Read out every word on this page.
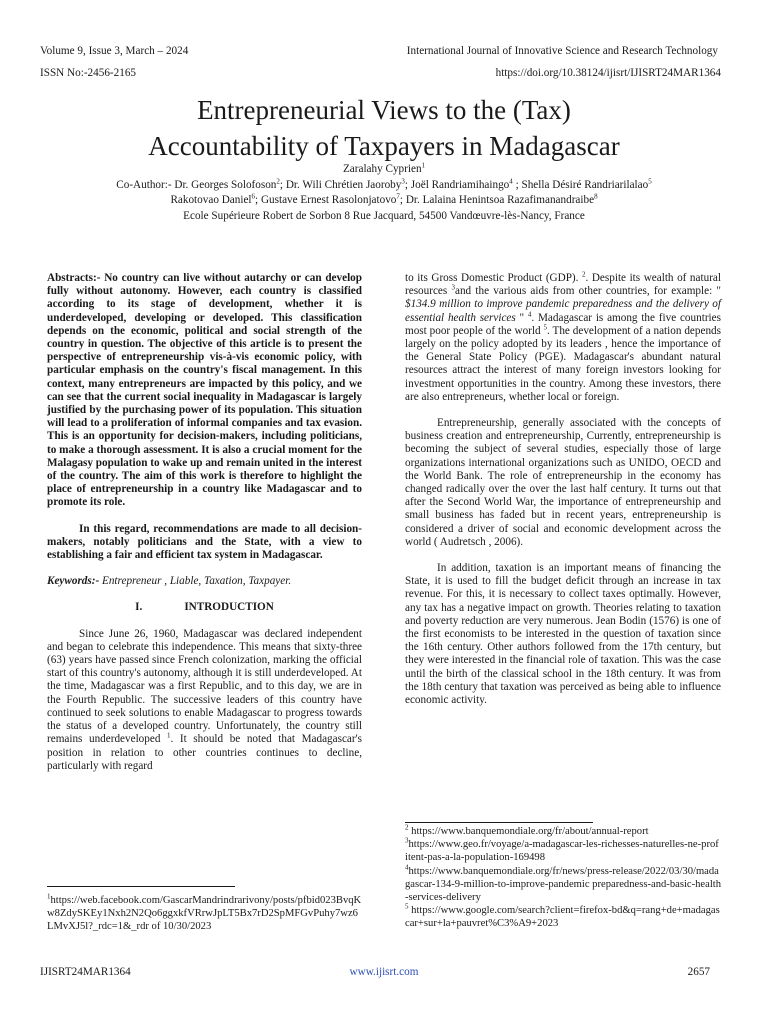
Volume 9, Issue 3, March – 2024	International Journal of Innovative Science and Research Technology
ISSN No:-2456-2165	https://doi.org/10.38124/ijisrt/IJISRT24MAR1364
Entrepreneurial Views to the (Tax)
Accountability of Taxpayers in Madagascar
Zaralahy Cyprien$^1$
Co-Author:- Dr. Georges Solofoson$^2$; Dr. Wili Chrétien Jaoroby$^3$; Joël Randriamihaingo$^4$ ; Shella Désiré Randriarilalao$^5$
Rakotovao Daniel$^6$; Gustave Ernest Rasolonjatovo$^7$; Dr. Lalaina Henintsoa Razafimanandraibe$^8$
Ecole Supérieure Robert de Sorbon 8 Rue Jacquard, 54500 Vandœuvre-lès-Nancy, France

Abstracts:- No country can live without autarchy or can develop fully without autonomy. However, each country is classified according to its stage of development, whether it is underdeveloped, developing or developed. This classification depends on the economic, political and social strength of the country in question. The objective of this article is to present the perspective of entrepreneurship vis-à-vis economic policy, with particular emphasis on the country's fiscal management. In this context, many entrepreneurs are impacted by this policy, and we can see that the current social inequality in Madagascar is largely justified by the purchasing power of its population. This situation will lead to a proliferation of informal companies and tax evasion. This is an opportunity for decision-makers, including politicians, to make a thorough assessment. It is also a crucial moment for the Malagasy population to wake up and remain united in the interest of the country. The aim of this work is therefore to highlight the place of entrepreneurship in a country like Madagascar and to promote its role.

In this regard, recommendations are made to all decision-makers, notably politicians and the State, with a view to establishing a fair and efficient tax system in Madagascar.

Keywords:- Entrepreneur , Liable, Taxation, Taxpayer.

I.	INTRODUCTION

Since June 26, 1960, Madagascar was declared independent and began to celebrate this independence. This means that sixty-three (63) years have passed since French colonization, marking the official start of this country's autonomy, although it is still underdeveloped. At the time, Madagascar was a first Republic, and to this day, we are in the Fourth Republic. The successive leaders of this country have continued to seek solutions to enable Madagascar to progress towards the status of a developed country. Unfortunately, the country still remains underdeveloped $^1$. It should be noted that Madagascar's position in relation to other countries continues to decline, particularly with regard

to its Gross Domestic Product (GDP). $^2$. Despite its wealth of natural resources $^3$and the various aids from other countries, for example: " $134.9 million to improve pandemic preparedness and the delivery of essential health services " $^4$. Madagascar is among the five countries most poor people of the world $^5$. The development of a nation depends largely on the policy adopted by its leaders , hence the importance of the General State Policy (PGE). Madagascar's abundant natural resources attract the interest of many foreign investors looking for investment opportunities in the country. Among these investors, there are also entrepreneurs, whether local or foreign.

Entrepreneurship, generally associated with the concepts of business creation and entrepreneurship, Currently, entrepreneurship is becoming the subject of several studies, especially those of large organizations international organizations such as UNIDO, OECD and the World Bank. The role of entrepreneurship in the economy has changed radically over the over the last half century. It turns out that after the Second World War, the importance of entrepreneurship and small business has faded but in recent years, entrepreneurship is considered a driver of social and economic development across the world ( Audretsch , 2006).

In addition, taxation is an important means of financing the State, it is used to fill the budget deficit through an increase in tax revenue. For this, it is necessary to collect taxes optimally. However, any tax has a negative impact on growth. Theories relating to taxation and poverty reduction are very numerous. Jean Bodin (1576) is one of the first economists to be interested in the question of taxation since the 16th century. Other authors followed from the 17th century, but they were interested in the financial role of taxation. This was the case until the birth of the classical school in the 18th century. It was from the 18th century that taxation was perceived as being able to influence economic activity.

$^1$https://web.facebook.com/GascarMandrindrarivony/posts/pfbid023BvqKw8ZdySKEy1Nxh2N2Qo6ggxkfVRrwJpLT5Bx7rD2SpMFGvPuhy7wz6LMvXJ5l?_rdc=1&_rdr of 10/30/2023

$^2$ https://www.banquemondiale.org/fr/about/annual-report

$^3$https://www.geo.fr/voyage/a-madagascar-les-richesses-naturelles-ne-profitent-pas-a-la-population-169498

$^4$https://www.banquemondiale.org/fr/news/press-release/2022/03/30/madagascar-134-9-million-to-improve-pandemic preparedness-and-basic-health-services-delivery

$^5$ https://www.google.com/search?client=firefox-bd&q=rang+de+madagascar+sur+la+pauvret%C3%A9+2023

IJISRT24MAR1364	www.ijisrt.com	2657
